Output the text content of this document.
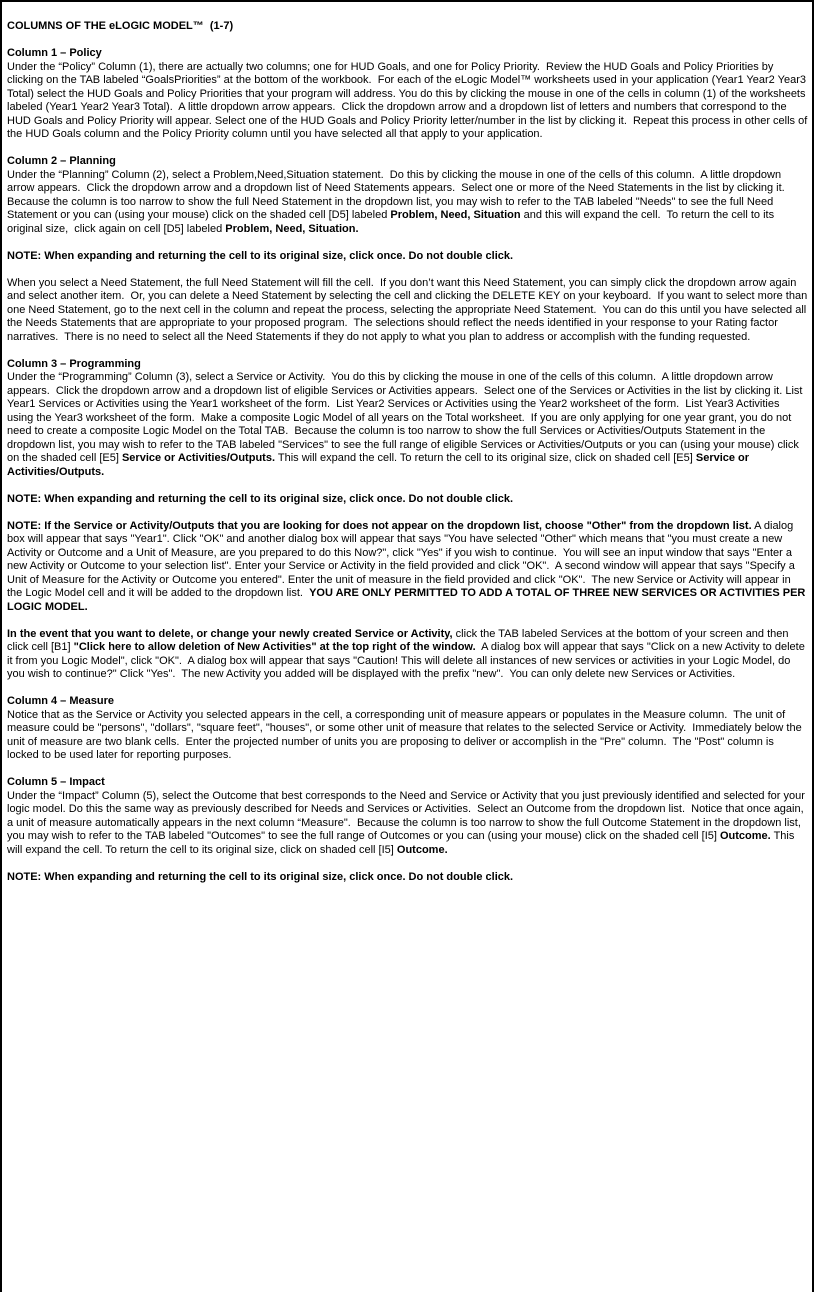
COLUMNS OF THE eLOGIC MODEL™  (1-7)
Column 1 – Policy
Under the “Policy” Column (1), there are actually two columns; one for HUD Goals, and one for Policy Priority.  Review the HUD Goals and Policy Priorities by clicking on the TAB labeled “GoalsPriorities” at the bottom of the workbook.  For each of the eLogic Model™ worksheets used in your application (Year1 Year2 Year3 Total) select the HUD Goals and Policy Priorities that your program will address. You do this by clicking the mouse in one of the cells in column (1) of the worksheets labeled (Year1 Year2 Year3 Total).  A little dropdown arrow appears.  Click the dropdown arrow and a dropdown list of letters and numbers that correspond to the HUD Goals and Policy Priority will appear. Select one of the HUD Goals and Policy Priority letter/number in the list by clicking it.  Repeat this process in other cells of the HUD Goals column and the Policy Priority column until you have selected all that apply to your application.
Column 2 – Planning
Under the “Planning” Column (2), select a Problem,Need,Situation statement.  Do this by clicking the mouse in one of the cells of this column.  A little dropdown arrow appears.  Click the dropdown arrow and a dropdown list of Need Statements appears.  Select one or more of the Need Statements in the list by clicking it.  Because the column is too narrow to show the full Need Statement in the dropdown list, you may wish to refer to the TAB labeled "Needs" to see the full Need Statement or you can (using your mouse) click on the shaded cell [D5] labeled Problem, Need, Situation and this will expand the cell.  To return the cell to its original size,  click again on cell [D5] labeled Problem, Need, Situation.
NOTE: When expanding and returning the cell to its original size, click once. Do not double click.
When you select a Need Statement, the full Need Statement will fill the cell.  If you don’t want this Need Statement, you can simply click the dropdown arrow again and select another item.  Or, you can delete a Need Statement by selecting the cell and clicking the DELETE KEY on your keyboard.  If you want to select more than one Need Statement, go to the next cell in the column and repeat the process, selecting the appropriate Need Statement.  You can do this until you have selected all the Needs Statements that are appropriate to your proposed program.  The selections should reflect the needs identified in your response to your Rating factor narratives.  There is no need to select all the Need Statements if they do not apply to what you plan to address or accomplish with the funding requested.
Column 3 – Programming
Under the “Programming” Column (3), select a Service or Activity.  You do this by clicking the mouse in one of the cells of this column.  A little dropdown arrow appears.  Click the dropdown arrow and a dropdown list of eligible Services or Activities appears.  Select one of the Services or Activities in the list by clicking it. List Year1 Services or Activities using the Year1 worksheet of the form.  List Year2 Services or Activities using the Year2 worksheet of the form.  List Year3 Activities using the Year3 worksheet of the form.  Make a composite Logic Model of all years on the Total worksheet.  If you are only applying for one year grant, you do not need to create a composite Logic Model on the Total TAB.  Because the column is too narrow to show the full Services or Activities/Outputs Statement in the dropdown list, you may wish to refer to the TAB labeled "Services" to see the full range of eligible Services or Activities/Outputs or you can (using your mouse) click on the shaded cell [E5] Service or Activities/Outputs. This will expand the cell. To return the cell to its original size, click on shaded cell [E5] Service or Activities/Outputs.
NOTE: When expanding and returning the cell to its original size, click once. Do not double click.
NOTE: If the Service or Activity/Outputs that you are looking for does not appear on the dropdown list, choose "Other" from the dropdown list. A dialog box will appear that says "Year1". Click "OK" and another dialog box will appear that says "You have selected "Other" which means that "you must create a new Activity or Outcome and a Unit of Measure, are you prepared to do this Now?", click "Yes" if you wish to continue.  You will see an input window that says "Enter a new Activity or Outcome to your selection list". Enter your Service or Activity in the field provided and click "OK".  A second window will appear that says "Specify a Unit of Measure for the Activity or Outcome you entered". Enter the unit of measure in the field provided and click "OK".  The new Service or Activity will appear in the Logic Model cell and it will be added to the dropdown list.  YOU ARE ONLY PERMITTED TO ADD A TOTAL OF THREE NEW SERVICES OR ACTIVITIES PER LOGIC MODEL.
In the event that you want to delete, or change your newly created Service or Activity, click the TAB labeled Services at the bottom of your screen and then click cell [B1] "Click here to allow deletion of New Activities" at the top right of the window.  A dialog box will appear that says "Click on a new Activity to delete it from you Logic Model", click "OK".  A dialog box will appear that says "Caution! This will delete all instances of new services or activities in your Logic Model, do you wish to continue?" Click "Yes".  The new Activity you added will be displayed with the prefix "new".  You can only delete new Services or Activities.
Column 4 – Measure
Notice that as the Service or Activity you selected appears in the cell, a corresponding unit of measure appears or populates in the Measure column.  The unit of measure could be "persons", "dollars", "square feet", "houses", or some other unit of measure that relates to the selected Service or Activity.  Immediately below the unit of measure are two blank cells.  Enter the projected number of units you are proposing to deliver or accomplish in the "Pre" column.  The "Post" column is locked to be used later for reporting purposes.
Column 5 – Impact
Under the “Impact” Column (5), select the Outcome that best corresponds to the Need and Service or Activity that you just previously identified and selected for your logic model. Do this the same way as previously described for Needs and Services or Activities.  Select an Outcome from the dropdown list.  Notice that once again, a unit of measure automatically appears in the next column “Measure".  Because the column is too narrow to show the full Outcome Statement in the dropdown list, you may wish to refer to the TAB labeled "Outcomes" to see the full range of Outcomes or you can (using your mouse) click on the shaded cell [I5] Outcome. This will expand the cell. To return the cell to its original size, click on shaded cell [I5] Outcome.
NOTE: When expanding and returning the cell to its original size, click once. Do not double click.
